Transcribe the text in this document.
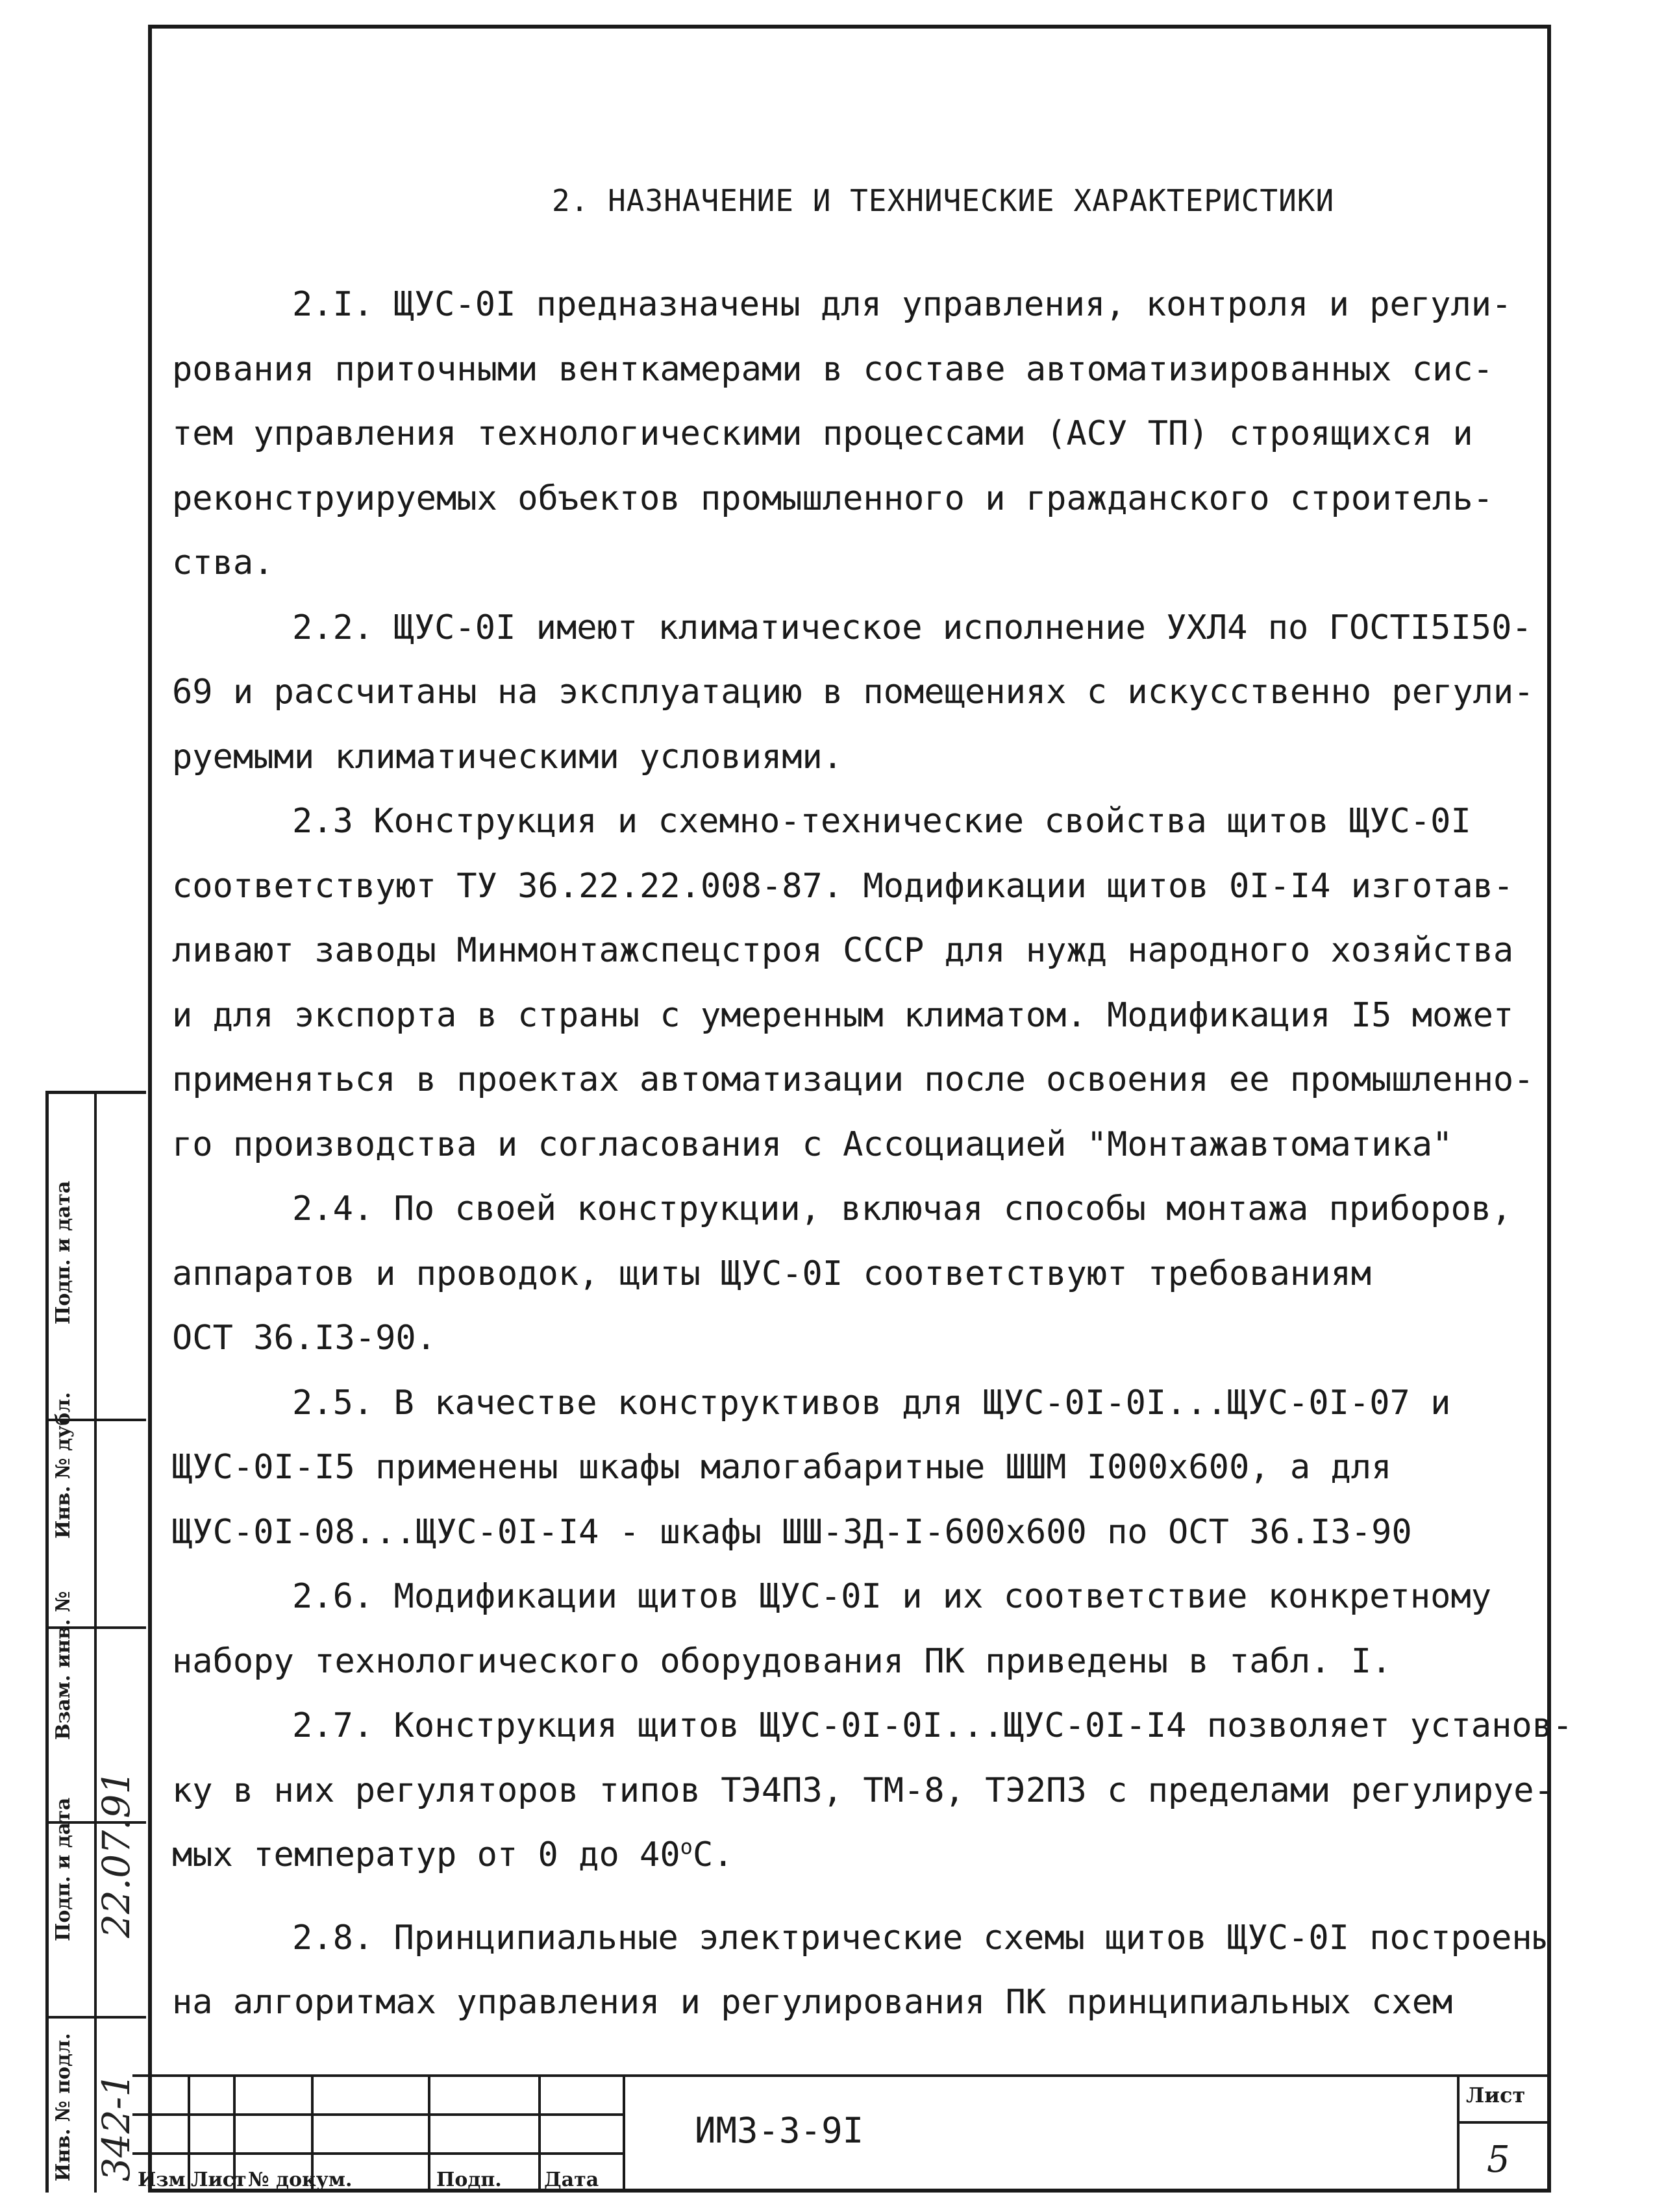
2. НАЗНАЧЕНИЕ И ТЕХНИЧЕСКИЕ ХАРАКТЕРИСТИКИ
2.I. ЩУС-0I предназначены для управления, контроля и регули-
рования приточными венткамерами в составе автоматизированных сис-
тем управления технологическими процессами (АСУ ТП) строящихся и
реконструируемых объектов промышленного и гражданского строитель-
ства.
2.2. ЩУС-0I имеют климатическое исполнение УХЛ4 по ГОСТI5I50-
69 и рассчитаны на эксплуатацию в помещениях с искусственно регули-
руемыми климатическими условиями.
2.3 Конструкция и схемно-технические свойства щитов ЩУС-0I
соответствуют ТУ 36.22.22.008-87. Модификации щитов 0I-I4 изготав-
ливают заводы Минмонтажспецстроя СССР для нужд народного хозяйства
и для экспорта в страны с умеренным климатом. Модификация I5 может
применяться в проектах автоматизации после освоения ее промышленно-
го производства и согласования с Ассоциацией "Монтажавтоматика"
2.4. По своей конструкции, включая способы монтажа приборов,
аппаратов и проводок, щиты ЩУС-0I соответствуют требованиям
ОСТ 36.I3-90.
2.5. В качестве конструктивов для ЩУС-0I-0I...ЩУС-0I-07 и
ЩУС-0I-I5 применены шкафы малогабаритные ШШМ I000х600, а для
ЩУС-0I-08...ЩУС-0I-I4 - шкафы ШШ-ЗД-I-600х600 по ОСТ 36.I3-90
2.6. Модификации щитов ЩУС-0I и их соответствие конкретному
набору технологического оборудования ПК приведены в табл. I.
2.7. Конструкция щитов ЩУС-0I-0I...ЩУС-0I-I4 позволяет установ-
ку в них регуляторов типов ТЭ4ПЗ, ТМ-8, ТЭ2ПЗ с пределами регулируе-
мых температур от 0 до $40^оС$.
2.8. Принципиальные электрические схемы щитов ЩУС-0I построены
на алгоритмах управления и регулирования ПК принципиальных схем
Подп. и дата
Инв. № дубл.
Взам. инв. №
Подп. и дата
Инв. № подл.
22.07.91
342-1 Изм Лист № докум.	Подп. Дата
ИМЗ-3-9I
Лист
5
